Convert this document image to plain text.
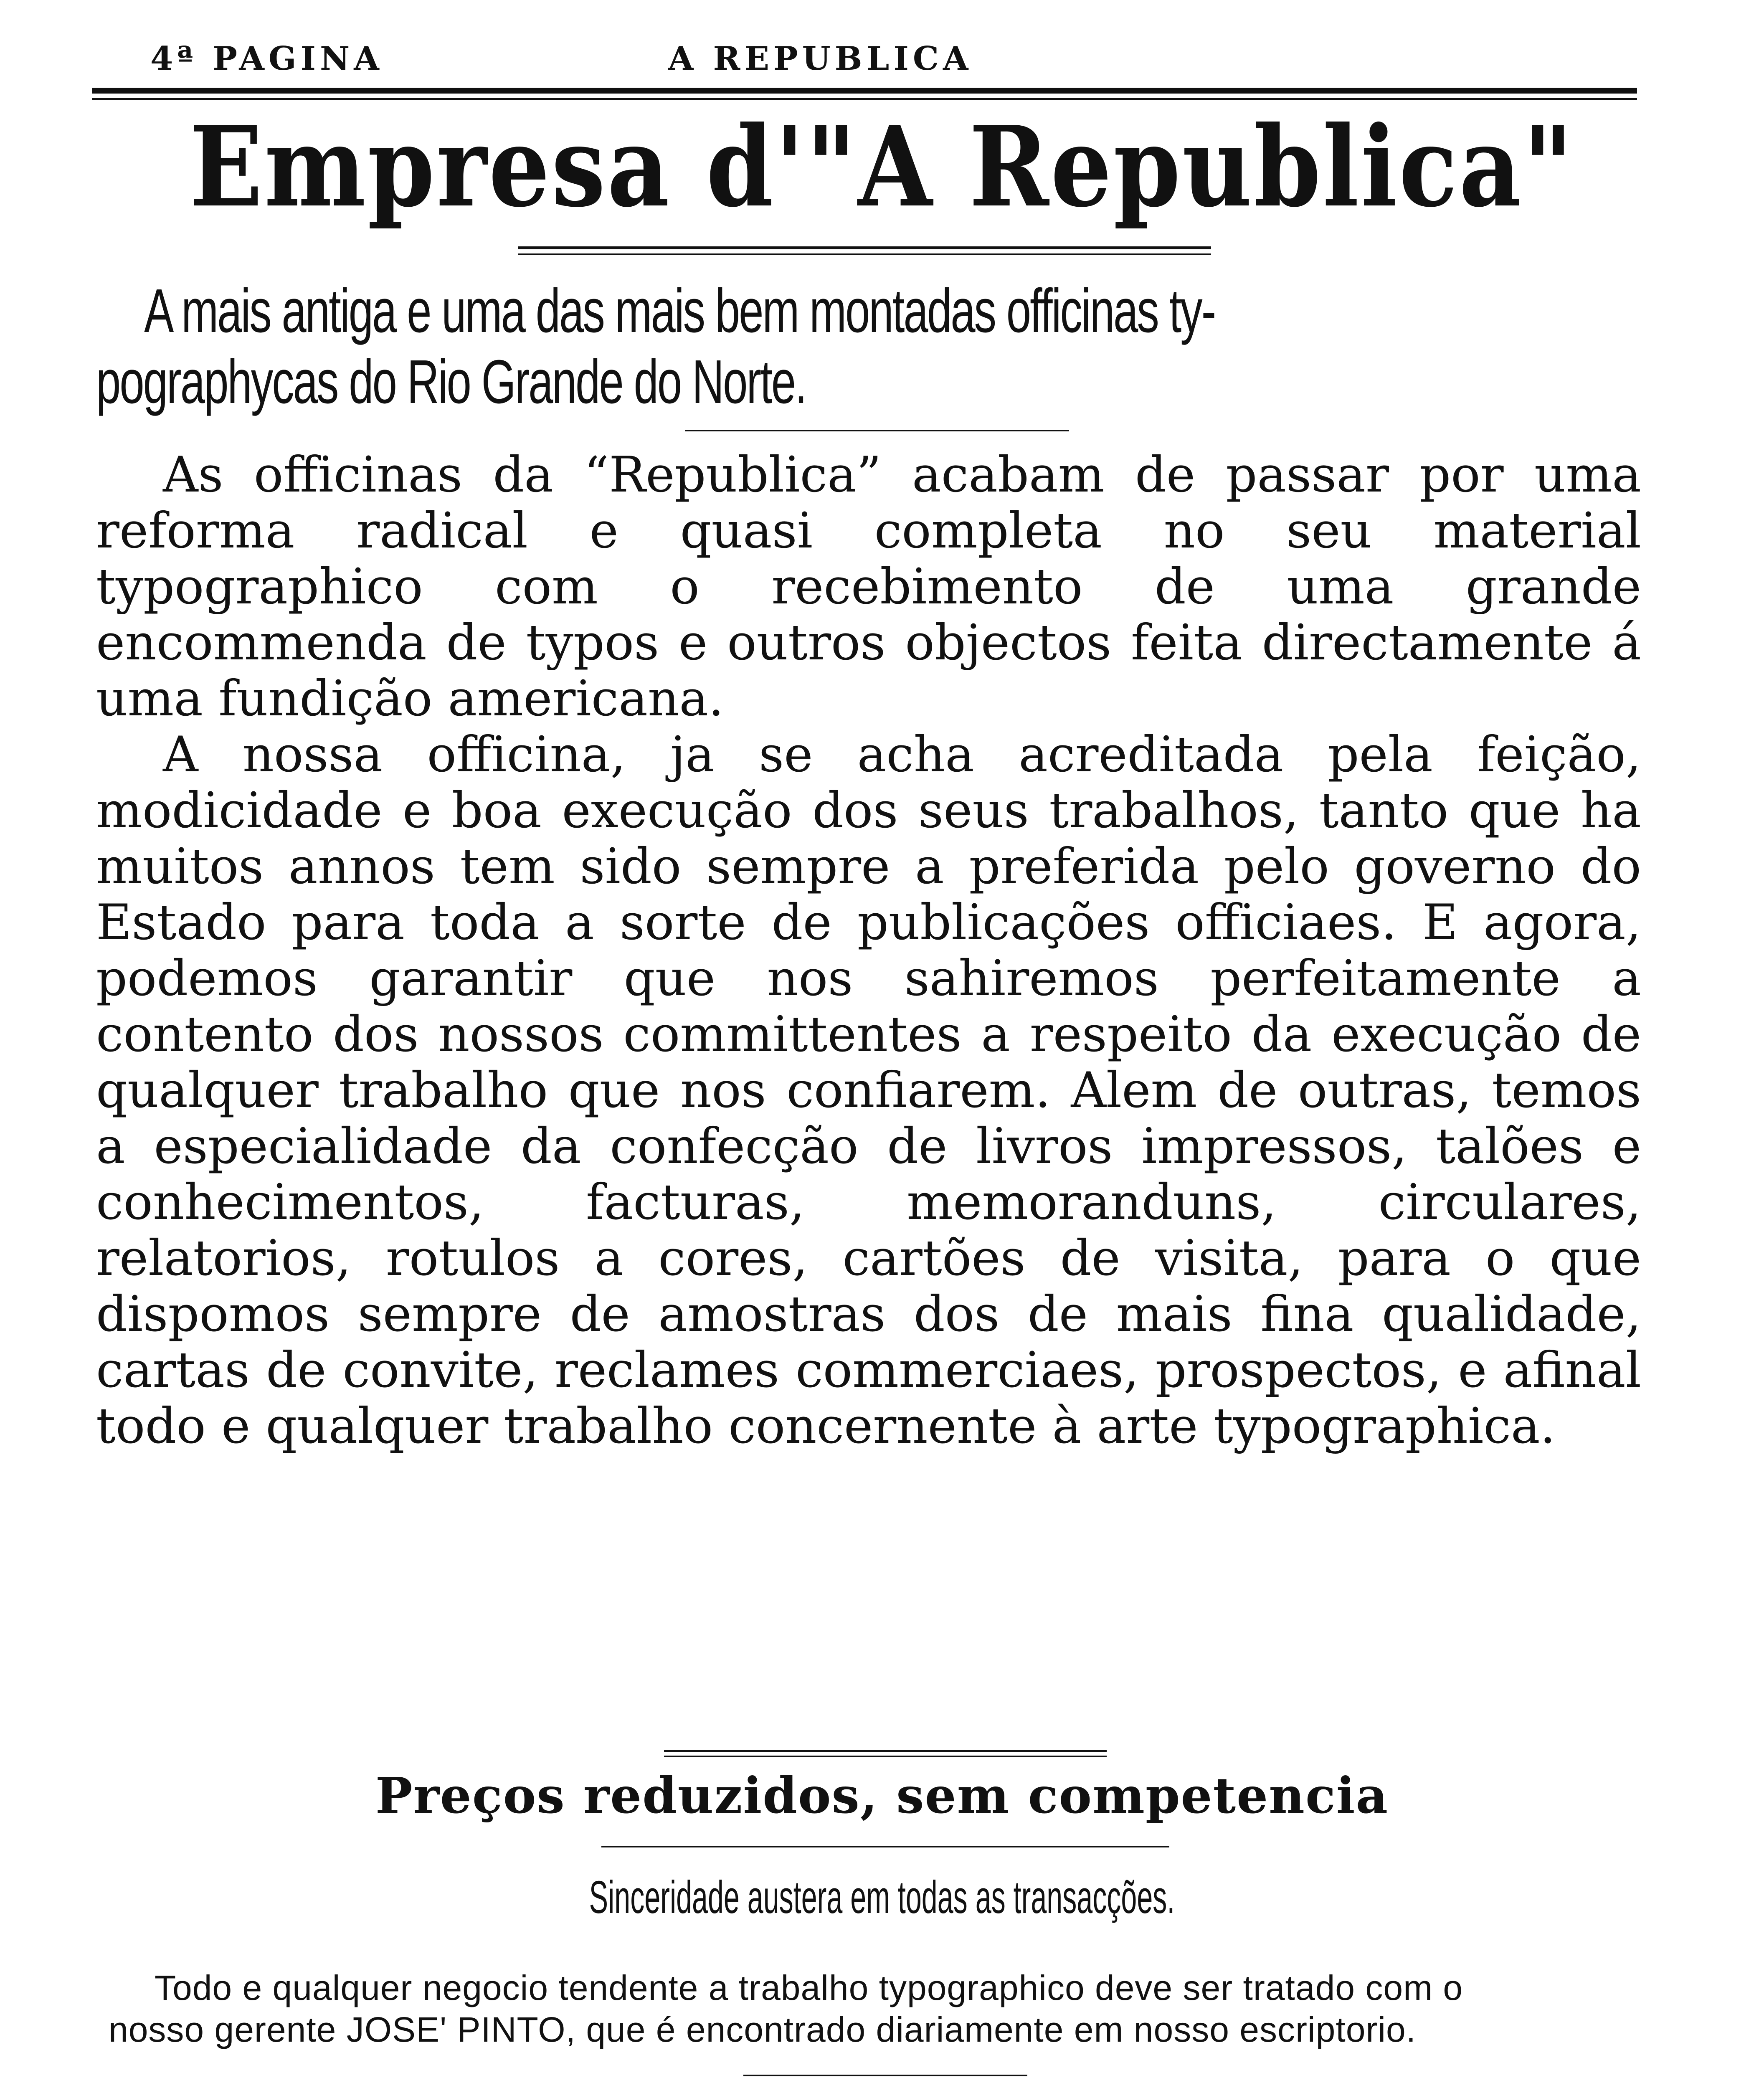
4ª PAGINA	A REPUBLICA
Empresa d'"A Republica"
A mais antiga e uma das mais bem montadas officinas ty-
pographycas do Rio Grande do Norte.

As officinas da “Republica” acabam de passar por uma reforma radical e quasi completa no seu material typographico com o recebimento de uma grande encommenda de typos e outros objectos feita directamente á uma fundição americana.

A nossa officina, ja se acha acreditada pela feição, modicidade e boa execução dos seus trabalhos, tanto que ha muitos annos tem sido sempre a preferida pelo governo do Estado para toda a sorte de publicações officiaes. E agora, podemos garantir que nos sahiremos perfeitamente a contento dos nossos committentes a respeito da execução de qualquer trabalho que nos confiarem. Alem de outras, temos a especialidade da confecção de livros impressos, talões e conhecimentos, facturas, memoranduns, circulares, relatorios, rotulos a cores, cartões de visita, para o que dispomos sempre de amostras dos de mais fina qualidade, cartas de convite, reclames commerciaes, prospectos, e afinal todo e qualquer trabalho concernente à arte typographica.

Preços reduzidos, sem competencia
Sinceridade austera em todas as transacções.
Todo e qualquer negocio tendente a trabalho typographico deve ser tratado com o
nosso gerente JOSE' PINTO, que é encontrado diariamente em nosso escriptorio.
